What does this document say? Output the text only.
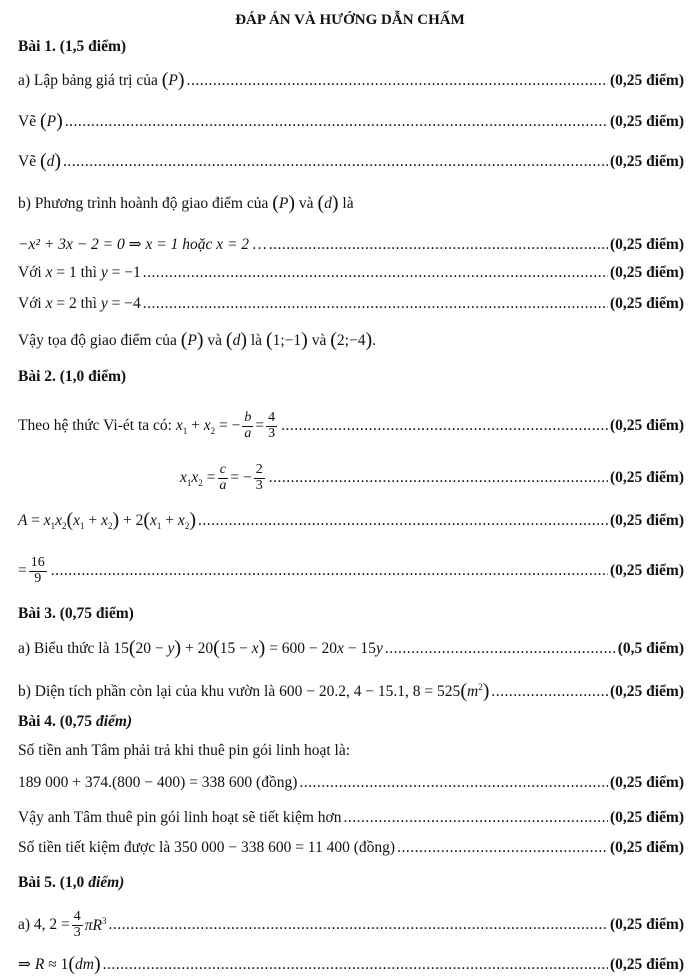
ĐÁP ÁN VÀ HƯỚNG DẪN CHẤM
Bài 1. (1,5 điểm)
a) Lập bảng giá trị của
(P) .....	(0,25 điểm)
Vẽ
(P) .....	(0,25 điểm)
Vẽ
(d) .....	(0,25 điểm)
b) Phương trình hoành độ giao điểm của
(P)
và
(d)
là
−x² + 3x − 2 = 0 ⇒ x = 1 hoặc x = 2 … .....	(0,25 điểm)
Với
x = 1
thì
y = −1 .....	(0,25 điểm)
Với
x = 2
thì
y = −4 .....	(0,25 điểm)
Vậy tọa độ giao điểm của
(P)
và
(d)
là
(1;−1)
và
(2;−4).
Bài 2. (1,0 điểm)
Theo hệ thức Vi-ét ta có:
$x_1 + x_2$ = − $\frac{b}{a} = \frac{4}{3}$ .....	(0,25 điểm)
$x_1x_2 = \frac{c}{a}$ = − $\frac{2}{3}$ .....	(0,25 điểm)
$A = x_1x_2(x_1 + x_2) + 2(x_1 + x_2)$ .....	(0,25 điểm)
= $\frac{16}{9}$ .....	(0,25 điểm)
Bài 3. (0,75 điểm)
a) Biểu thức là
15(20 − y) + 20(15 − x) = 600 − 20x − 15y .....	(0,5 điểm)
b) Diện tích phần còn lại của khu vườn là
600 − 20.2, 4 − 15.1, $8 = 525(m^2)$ .....	(0,25 điểm)
Bài 4. (0,75
điểm)
Số tiền anh Tâm phải trả khi thuê pin gói linh hoạt là:
189 000 + 374.(800 − 400) = 338 600 (đồng) .....	(0,25 điểm)
Vậy anh Tâm thuê pin gói linh hoạt sẽ tiết kiệm hơn .....	(0,25 điểm)
Số tiền tiết kiệm được là
350 000 − 338 600 = 11 400 (đồng) .....	(0,25 điểm)
Bài 5. (1,0
điểm)
a)
4, $2 = \frac{4}{3} \pi R^3$ .....	(0,25 điểm)
⇒ R ≈ 1(dm) .....	(0,25 điểm)
